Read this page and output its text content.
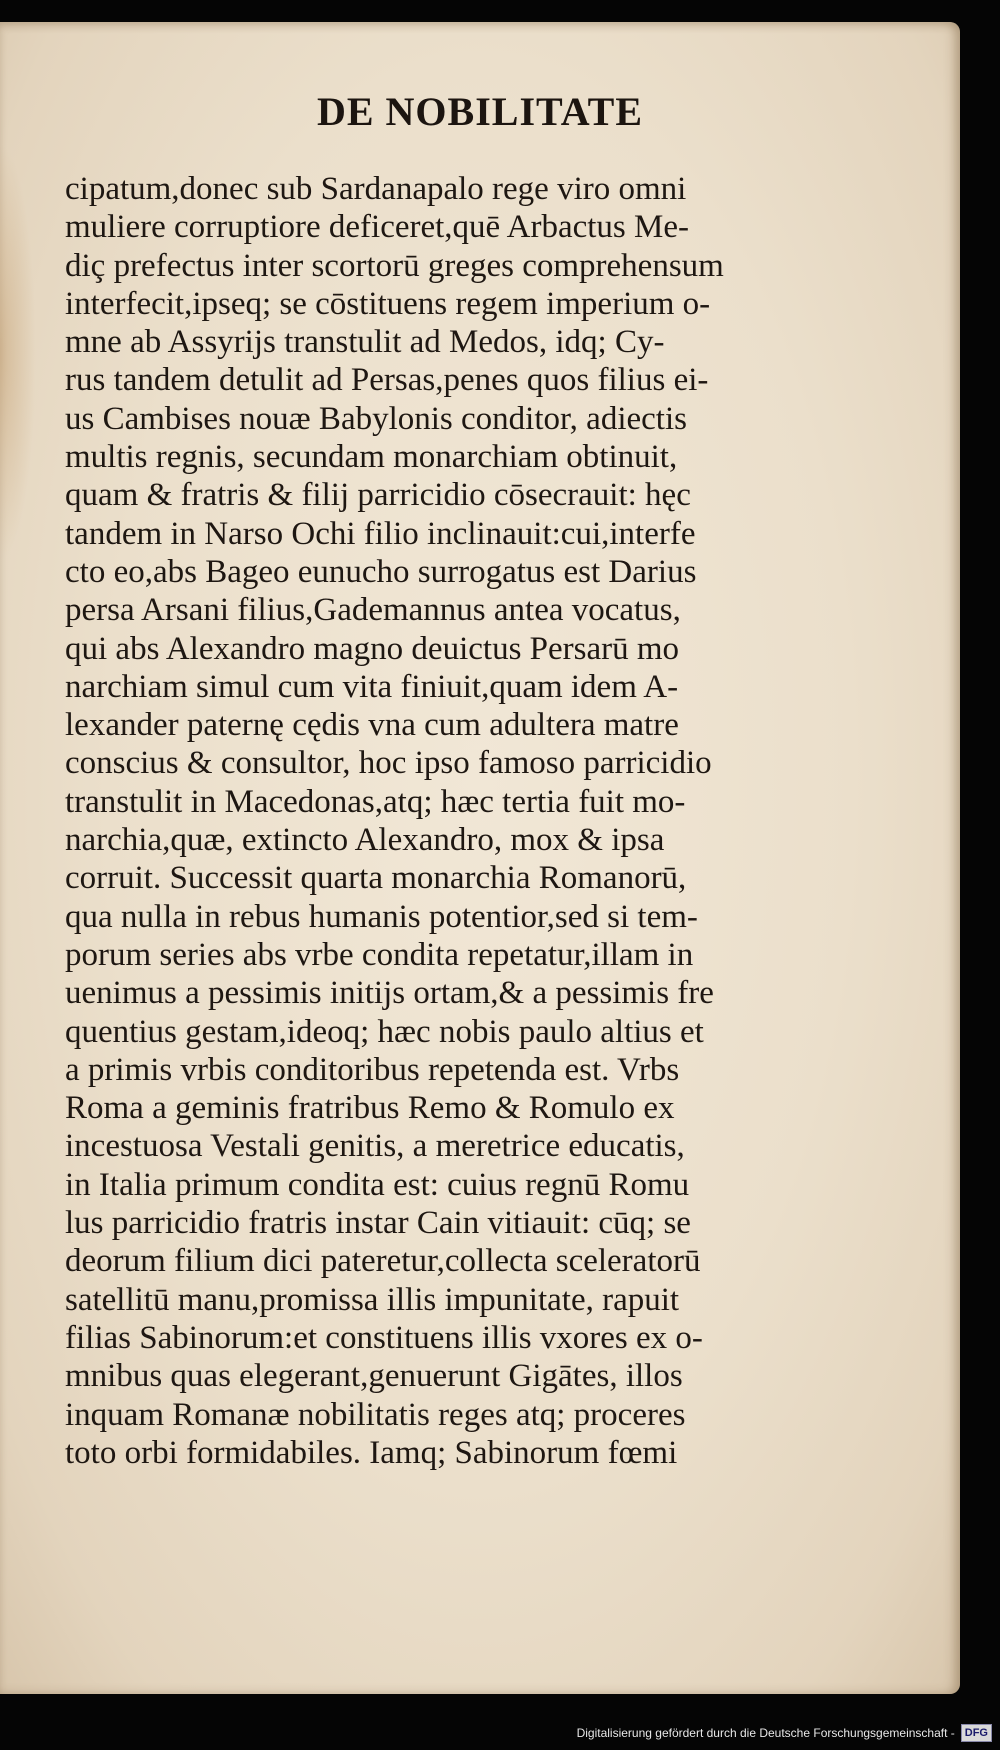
DE NOBILITATE
cipatum,donec sub Sardanapalo rege viro omni
muliere corruptiore deficeret,quē Arbactus Me-
diç prefectus inter scortorū greges comprehensum
interfecit,ipseq; se cōstituens regem imperium o-
mne ab Assyrijs transtulit ad Medos, idq; Cy-
rus tandem detulit ad Persas,penes quos filius ei-
us Cambises nouæ Babylonis conditor, adiectis
multis regnis, secundam monarchiam obtinuit,
quam & fratris & filij parricidio cōsecrauit: hęc
tandem in Narso Ochi filio inclinauit:cui,interfe
cto eo,abs Bageo eunucho surrogatus est Darius
persa Arsani filius,Gademannus antea vocatus,
qui abs Alexandro magno deuictus Persarū mo
narchiam simul cum vita finiuit,quam idem A-
lexander paternę cędis vna cum adultera matre
conscius & consultor, hoc ipso famoso parricidio
transtulit in Macedonas,atq; hæc tertia fuit mo-
narchia,quæ, extincto Alexandro, mox & ipsa
corruit. Successit quarta monarchia Romanorū,
qua nulla in rebus humanis potentior,sed si tem-
porum series abs vrbe condita repetatur,illam in
uenimus a pessimis initijs ortam,& a pessimis fre
quentius gestam,ideoq; hæc nobis paulo altius et
a primis vrbis conditoribus repetenda est. Vrbs
Roma a geminis fratribus Remo & Romulo ex
incestuosa Vestali genitis, a meretrice educatis,
in Italia primum condita est: cuius regnū Romu
lus parricidio fratris instar Cain vitiauit: cūq; se
deorum filium dici pateretur,collecta sceleratorū
satellitū manu,promissa illis impunitate, rapuit
filias Sabinorum:et constituens illis vxores ex o-
mnibus quas elegerant,genuerunt Gigātes, illos
inquam Romanæ nobilitatis reges atq; proceres
toto orbi formidabiles. Iamq; Sabinorum fœmi
Digitalisierung gefördert durch die Deutsche Forschungsgemeinschaft - DFG
